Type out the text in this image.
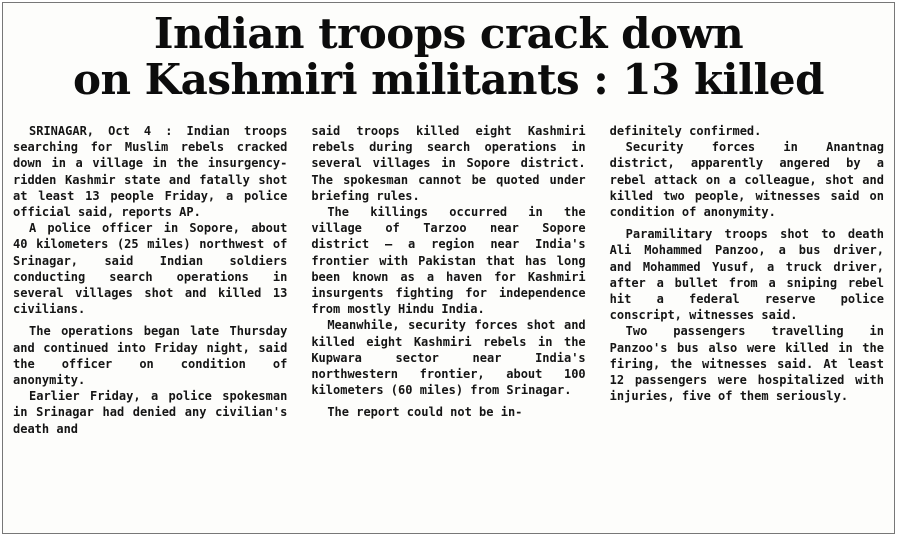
Indian troops crack down
on Kashmiri militants : 13 killed

SRINAGAR, Oct 4 : Indian troops searching for Muslim rebels cracked down in a village in the insurgency-ridden Kashmir state and fatally shot at least 13 people Friday, a police official said, reports AP.

A police officer in Sopore, about 40 kilometers (25 miles) northwest of Srinagar, said Indian soldiers conducting search operations in several villages shot and killed 13 civilians.

The operations began late Thursday and continued into Friday night, said the officer on condition of anonymity.

Earlier Friday, a police spokesman in Srinagar had denied any civilian's death and

said troops killed eight Kashmiri rebels during search operations in several villages in Sopore district. The spokesman cannot be quoted under briefing rules.

The killings occurred in the village of Tarzoo near Sopore district — a region near India's frontier with Pakistan that has long been known as a haven for Kashmiri insurgents fighting for independence from mostly Hindu India.

Meanwhile, security forces shot and killed eight Kashmiri rebels in the Kupwara sector near India's northwestern frontier, about 100 kilometers (60 miles) from Srinagar.

The report could not be in-

definitely confirmed.

Security forces in Anantnag district, apparently angered by a rebel attack on a colleague, shot and killed two people, witnesses said on condition of anonymity.

Paramilitary troops shot to death Ali Mohammed Panzoo, a bus driver, and Mohammed Yusuf, a truck driver, after a bullet from a sniping rebel hit a federal reserve police conscript, witnesses said.

Two passengers travelling in Panzoo's bus also were killed in the firing, the witnesses said. At least 12 passengers were hospitalized with injuries, five of them seriously.
